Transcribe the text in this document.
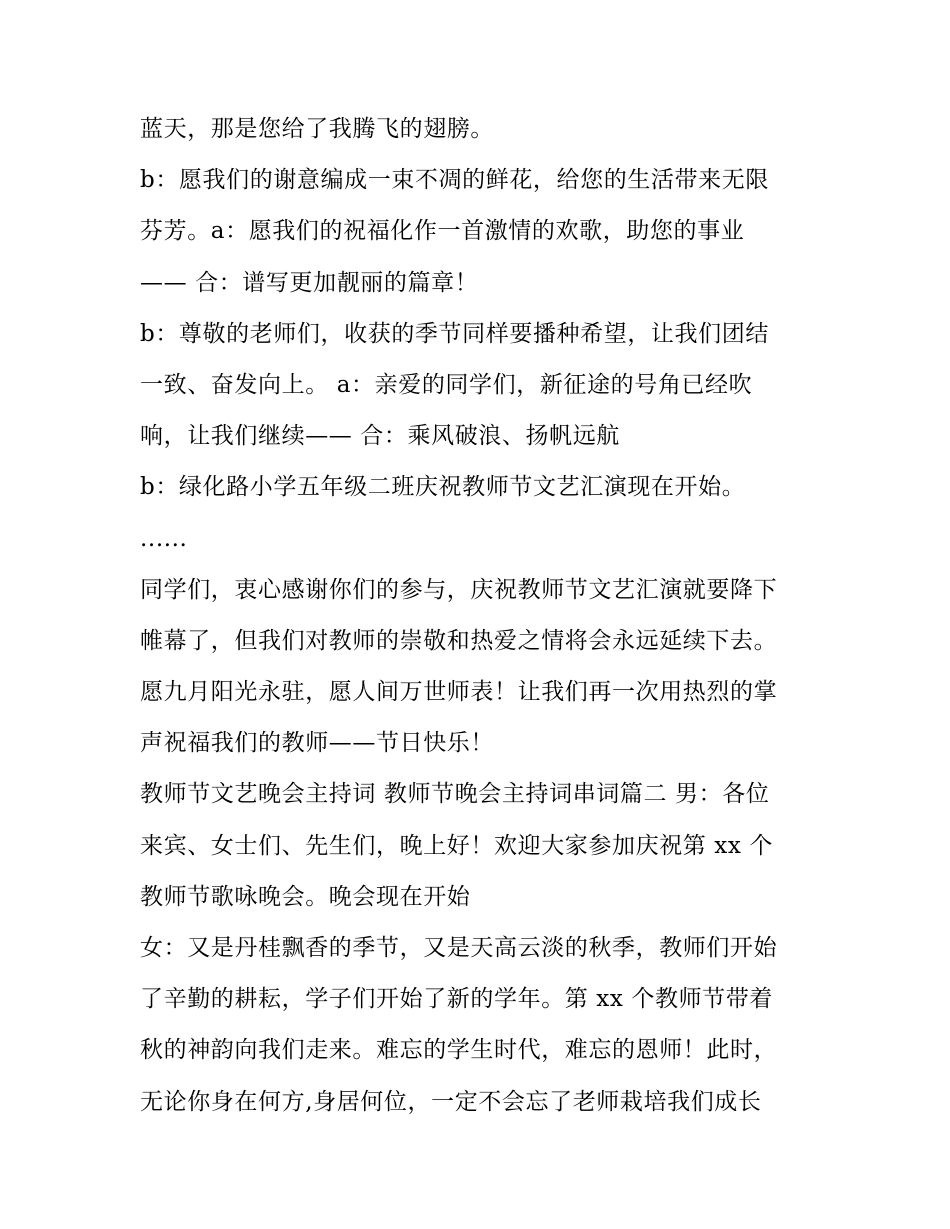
蓝天，那是您给了我腾飞的翅膀。
b：愿我们的谢意编成一束不凋的鲜花，给您的生活带来无限
芬芳。a：愿我们的祝福化作一首激情的欢歌，助您的事业
—— 合：谱写更加靓丽的篇章！
b：尊敬的老师们，收获的季节同样要播种希望，让我们团结
一致、奋发向上。 a：亲爱的同学们，新征途的号角已经吹
响，让我们继续—— 合：乘风破浪、扬帆远航
b：绿化路小学五年级二班庆祝教师节文艺汇演现在开始。
......
同学们，衷心感谢你们的参与，庆祝教师节文艺汇演就要降下
帷幕了，但我们对教师的崇敬和热爱之情将会永远延续下去。
愿九月阳光永驻，愿人间万世师表！让我们再一次用热烈的掌
声祝福我们的教师——节日快乐！
教师节文艺晚会主持词 教师节晚会主持词串词篇二 男：各位
来宾、女士们、先生们，晚上好！欢迎大家参加庆祝第 xx 个
教师节歌咏晚会。晚会现在开始
女：又是丹桂飘香的季节，又是天高云淡的秋季，教师们开始
了辛勤的耕耘，学子们开始了新的学年。第 xx 个教师节带着
秋的神韵向我们走来。难忘的学生时代，难忘的恩师！此时，
无论你身在何方,身居何位，一定不会忘了老师栽培我们成长
